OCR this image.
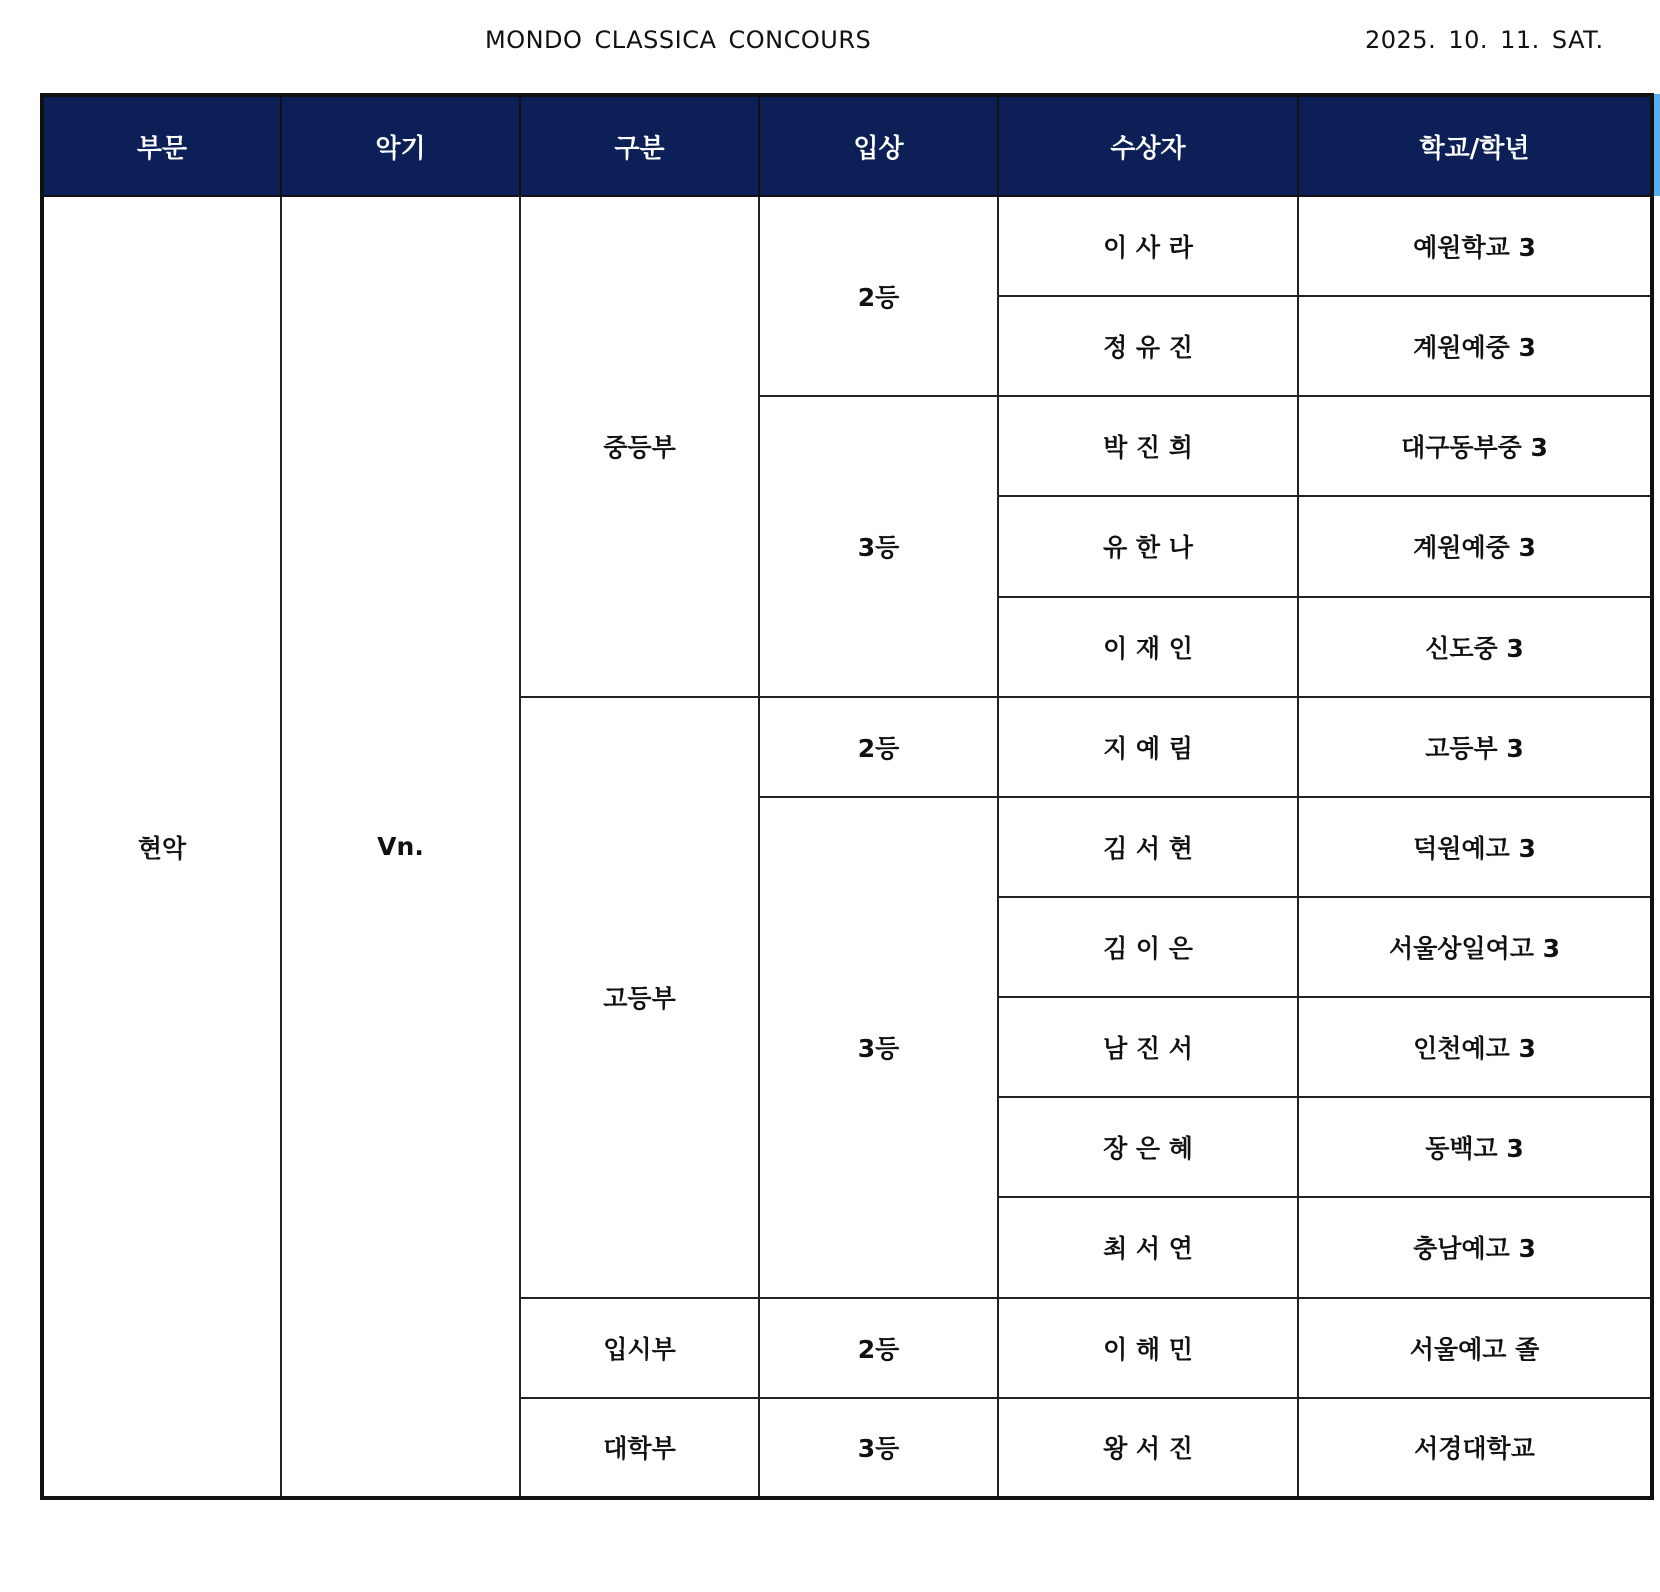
MONDO CLASSICA CONCOURS	2025. 10. 11. SAT.
부문	악기	구분	입상	수상자	학교/학년
현악	Vn.	중등부	2등	이 사 라	예원학교 3
				정 유 진	계원예중 3
			3등	박 진 희	대구동부중 3
				유 한 나	계원예중 3
				이 재 인	신도중 3
		고등부	2등	지 예 림	고등부 3
			3등	김 서 현	덕원예고 3
				김 이 은	서울상일여고 3
				남 진 서	인천예고 3
				장 은 혜	동백고 3
				최 서 연	충남예고 3
		입시부	2등	이 해 민	서울예고 졸
		대학부	3등	왕 서 진	서경대학교
